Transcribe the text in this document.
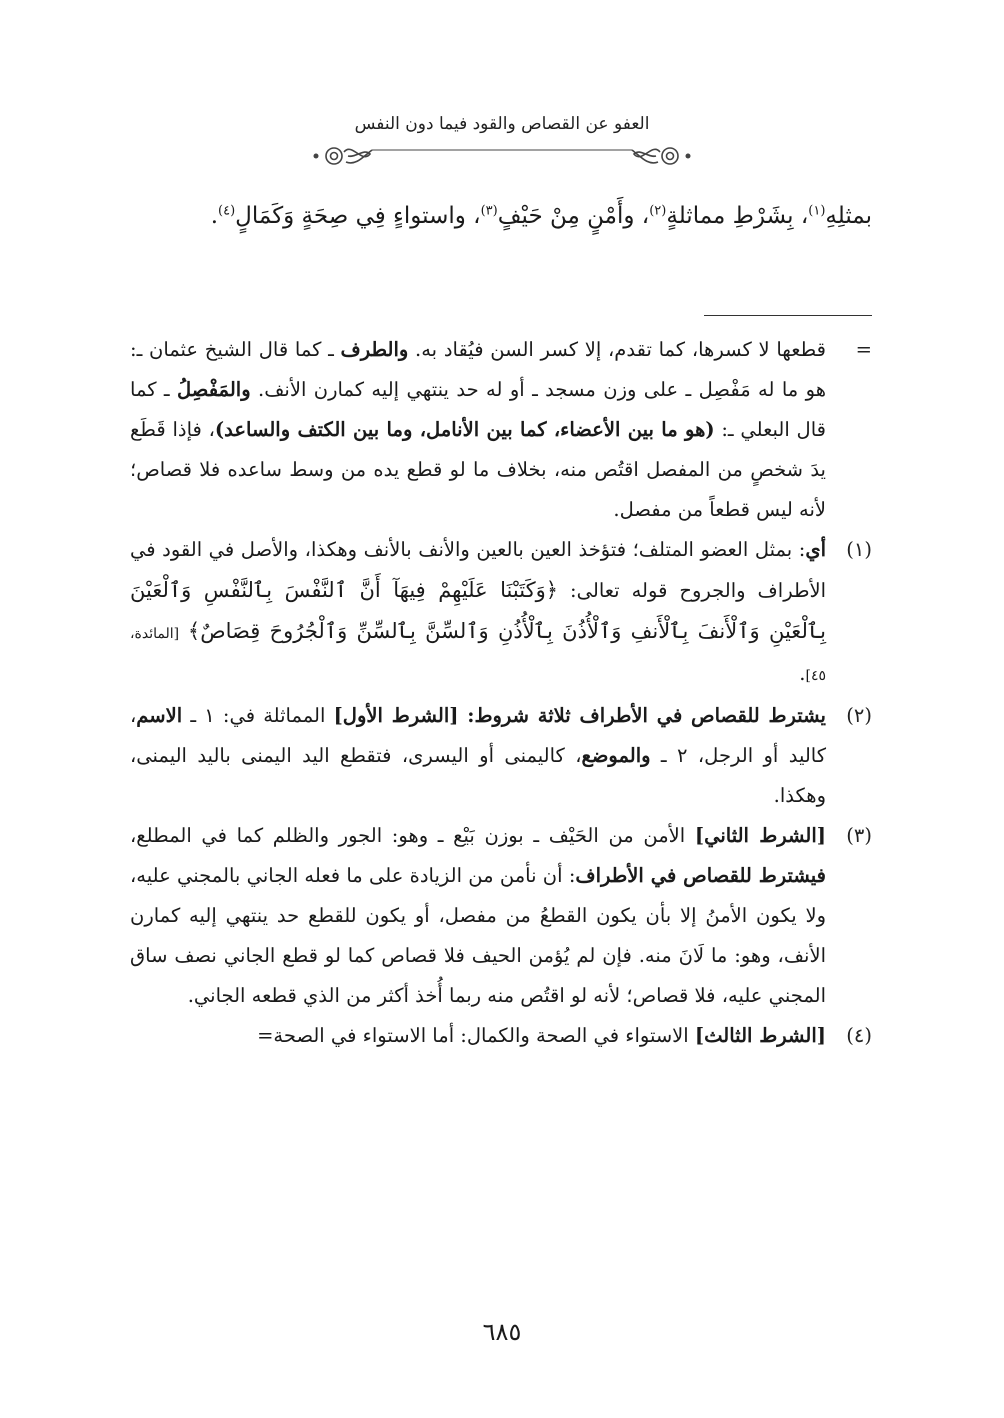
العفو عن القصاص والقود فيما دون النفس

بمثلِهِ$^{(١)}$، بِشَرْطِ مماثلةٍ$^{(٢)}$، وأَمْنٍ مِنْ حَيْفٍ$^{(٣)}$، واستواءٍ فِي صِحَةٍ وَكَمَالٍ$^{(٤)}$.

=

قطعها لا كسرها، كما تقدم، إلا كسر السن فيُقاد به. والطرف ـ كما قال الشيخ عثمان ـ: هو ما له مَفْصِل ـ على وزن مسجد ـ أو له حد ينتهي إليه كمارن الأنف. والمَفْصِلُ ـ كما قال البعلي ـ: (هو ما بين الأعضاء، كما بين الأنامل، وما بين الكتف والساعد)، فإذا قَطَع يدَ شخصٍ من المفصل اقتُص منه، بخلاف ما لو قطع يده من وسط ساعده فلا قصاص؛ لأنه ليس قطعاً من مفصل.

(١)

أي: بمثل العضو المتلف؛ فتؤخذ العين بالعين والأنف بالأنف وهكذا، والأصل في القود في الأطراف والجروح قوله تعالى: ﴿وَكَتَبْنَا عَلَيْهِمْ فِيهَآ أَنَّ ٱلنَّفْسَ بِٱلنَّفْسِ وَٱلْعَيْنَ بِٱلْعَيْنِ وَٱلْأَنفَ بِٱلْأَنفِ وَٱلْأُذُنَ بِٱلْأُذُنِ وَٱلسِّنَّ بِٱلسِّنِّ وَٱلْجُرُوحَ قِصَاصٌ﴾ [المائدة، ٤٥].

(٢)

يشترط للقصاص في الأطراف ثلاثة شروط: [الشرط الأول] المماثلة في: ١ ـ الاسم، كاليد أو الرجل، ٢ ـ والموضع، كاليمنى أو اليسرى، فتقطع اليد اليمنى باليد اليمنى، وهكذا.

(٣)

[الشرط الثاني] الأمن من الحَيْف ـ بوزن بَيْع ـ وهو: الجور والظلم كما في المطلع، فيشترط للقصاص في الأطراف: أن نأمن من الزيادة على ما فعله الجاني بالمجني عليه، ولا يكون الأمنُ إلا بأن يكون القطعُ من مفصل، أو يكون للقطع حد ينتهي إليه كمارن الأنف، وهو: ما لَانَ منه. فإن لم يُؤمن الحيف فلا قصاص كما لو قطع الجاني نصف ساق المجني عليه، فلا قصاص؛ لأنه لو اقتُص منه ربما أُخذ أكثر من الذي قطعه الجاني.

(٤)

[الشرط الثالث] الاستواء في الصحة والكمال: أما الاستواء في الصحة=

٦٨٥
